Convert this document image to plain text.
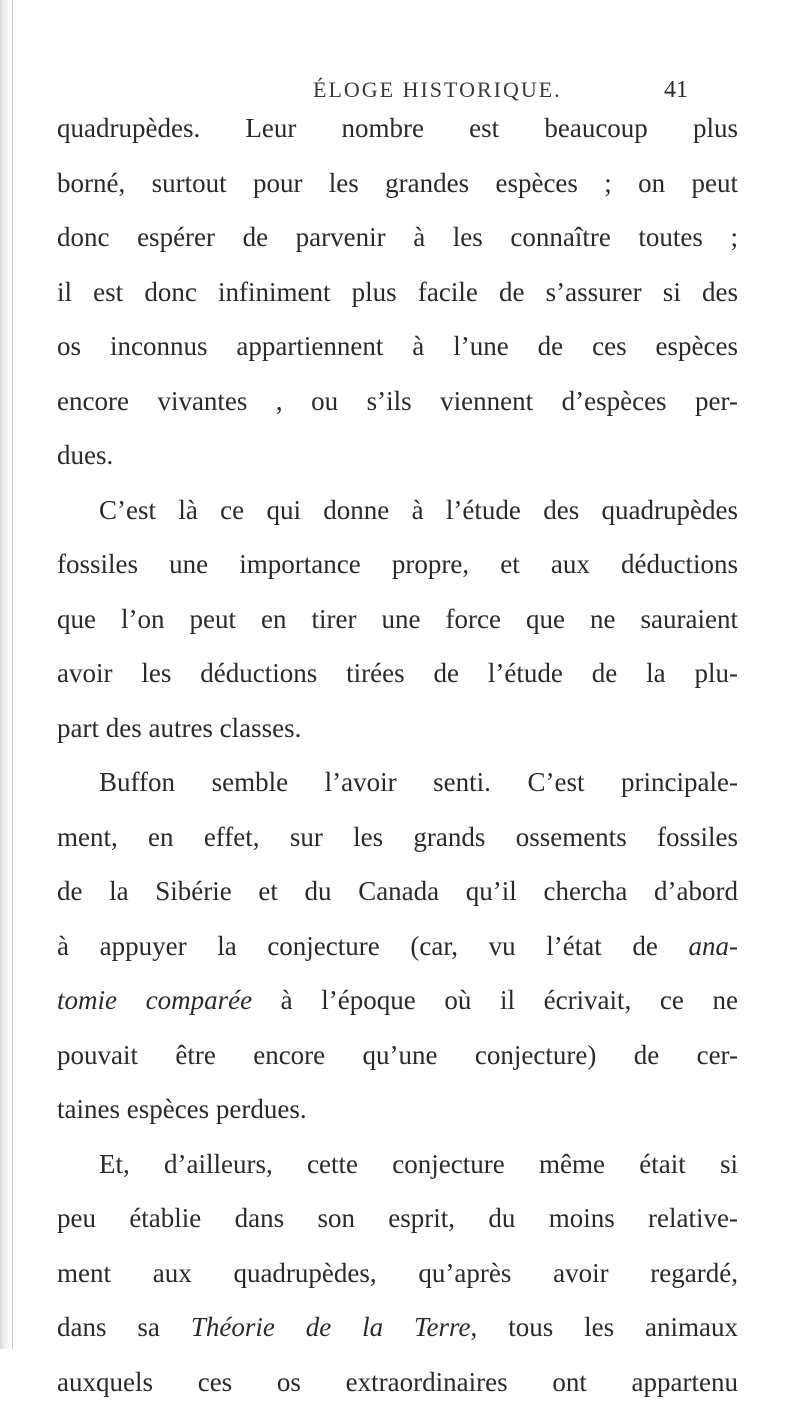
ÉLOGE HISTORIQUE.	41
quadrupèdes. Leur nombre est beaucoup plus
borné, surtout pour les grandes espèces ; on peut
donc espérer de parvenir à les connaître toutes ;
il est donc infiniment plus facile de s’assurer si des
os inconnus appartiennent à l’une de ces espèces
encore vivantes , ou s’ils viennent d’espèces per-
dues.
C’est là ce qui donne à l’étude des quadrupèdes
fossiles une importance propre, et aux déductions
que l’on peut en tirer une force que ne sauraient
avoir les déductions tirées de l’étude de la plu-
part des autres classes.
Buffon semble l’avoir senti. C’est principale-
ment, en effet, sur les grands ossements fossiles
de la Sibérie et du Canada qu’il chercha d’abord
à appuyer la conjecture (car, vu l’état de ana-
tomie comparée à l’époque où il écrivait, ce ne
pouvait être encore qu’une conjecture) de cer-
taines espèces perdues.
Et, d’ailleurs, cette conjecture même était si
peu établie dans son esprit, du moins relative-
ment aux quadrupèdes, qu’après avoir regardé,
dans sa Théorie de la Terre, tous les animaux
auxquels ces os extraordinaires ont appartenu
